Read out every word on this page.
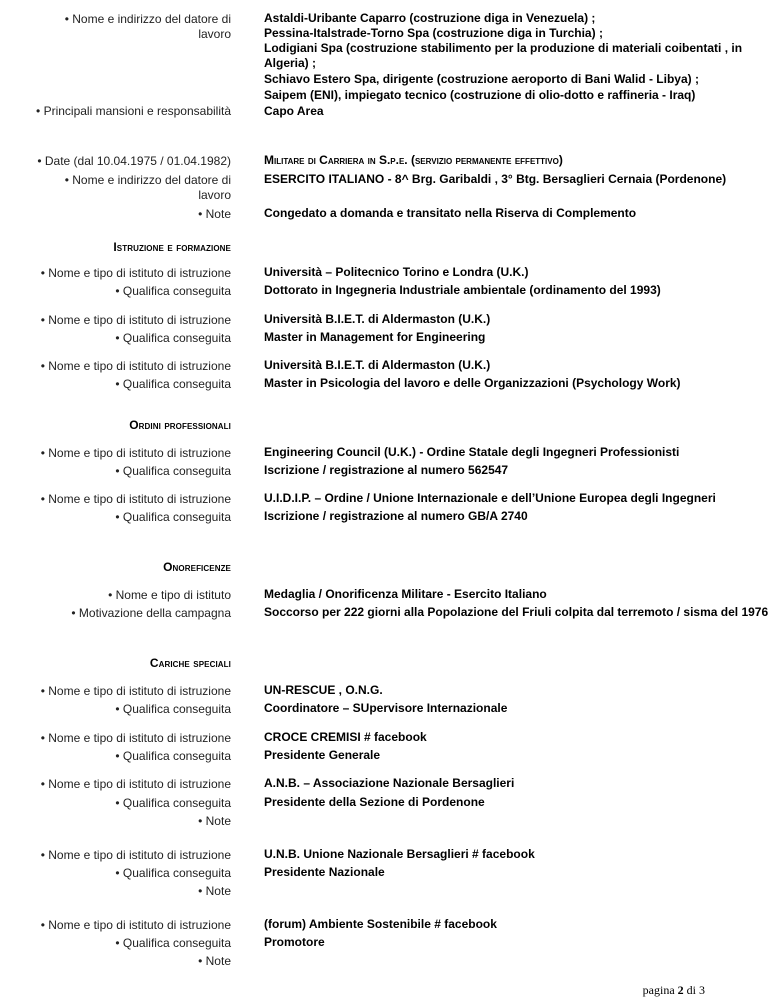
• Nome e indirizzo del datore di lavoro
Astaldi-Uribante Caparro (costruzione diga in Venezuela) ;
Pessina-Italstrade-Torno Spa (costruzione diga in Turchia) ;
Lodigiani Spa (costruzione stabilimento per la produzione di materiali coibentati , in
Algeria) ;
Schiavo Estero Spa, dirigente (costruzione aeroporto di Bani Walid - Libya) ;
Saipem (ENI), impiegato tecnico (costruzione di olio-dotto e raffineria - Iraq)
• Principali mansioni e responsabilità	Capo Area
• Date (dal 10.04.1975 / 01.04.1982)	Militare di Carriera in S.p.e. (servizio permanente effettivo)
• Nome e indirizzo del datore di lavoro
ESERCITO ITALIANO - 8^ Brg. Garibaldi , 3° Btg. Bersaglieri Cernaia (Pordenone)
• Note	Congedato a domanda e transitato nella Riserva di Complemento
Istruzione e formazione
• Nome e tipo di istituto di istruzione	Università – Politecnico Torino e Londra (U.K.)
• Qualifica conseguita	Dottorato in Ingegneria Industriale ambientale (ordinamento del 1993)
• Nome e tipo di istituto di istruzione	Università B.I.E.T. di Aldermaston (U.K.)
• Qualifica conseguita	Master in Management for Engineering
• Nome e tipo di istituto di istruzione	Università B.I.E.T. di Aldermaston (U.K.)
• Qualifica conseguita	Master in Psicologia del lavoro e delle Organizzazioni (Psychology Work)
Ordini professionali
• Nome e tipo di istituto di istruzione	Engineering Council (U.K.) - Ordine Statale degli Ingegneri Professionisti
• Qualifica conseguita	Iscrizione / registrazione al numero 562547
• Nome e tipo di istituto di istruzione	U.I.D.I.P. – Ordine / Unione Internazionale e dell’Unione Europea degli Ingegneri
• Qualifica conseguita	Iscrizione / registrazione al numero GB/A 2740
Onoreficenze
• Nome e tipo di istituto	Medaglia / Onorificenza Militare - Esercito Italiano
• Motivazione della campagna	Soccorso per 222 giorni alla Popolazione del Friuli colpita dal terremoto / sisma del 1976
Cariche speciali
• Nome e tipo di istituto di istruzione	UN-RESCUE , O.N.G.
• Qualifica conseguita	Coordinatore – SUpervisore Internazionale
• Nome e tipo di istituto di istruzione	CROCE CREMISI # facebook
• Qualifica conseguita	Presidente Generale
• Nome e tipo di istituto di istruzione	A.N.B. – Associazione Nazionale Bersaglieri
• Qualifica conseguita	Presidente della Sezione di Pordenone
• Note
• Nome e tipo di istituto di istruzione	U.N.B. Unione Nazionale Bersaglieri # facebook
• Qualifica conseguita	Presidente Nazionale
• Note
• Nome e tipo di istituto di istruzione	(forum) Ambiente Sostenibile # facebook
• Qualifica conseguita	Promotore
• Note
pagina 2 di 3
